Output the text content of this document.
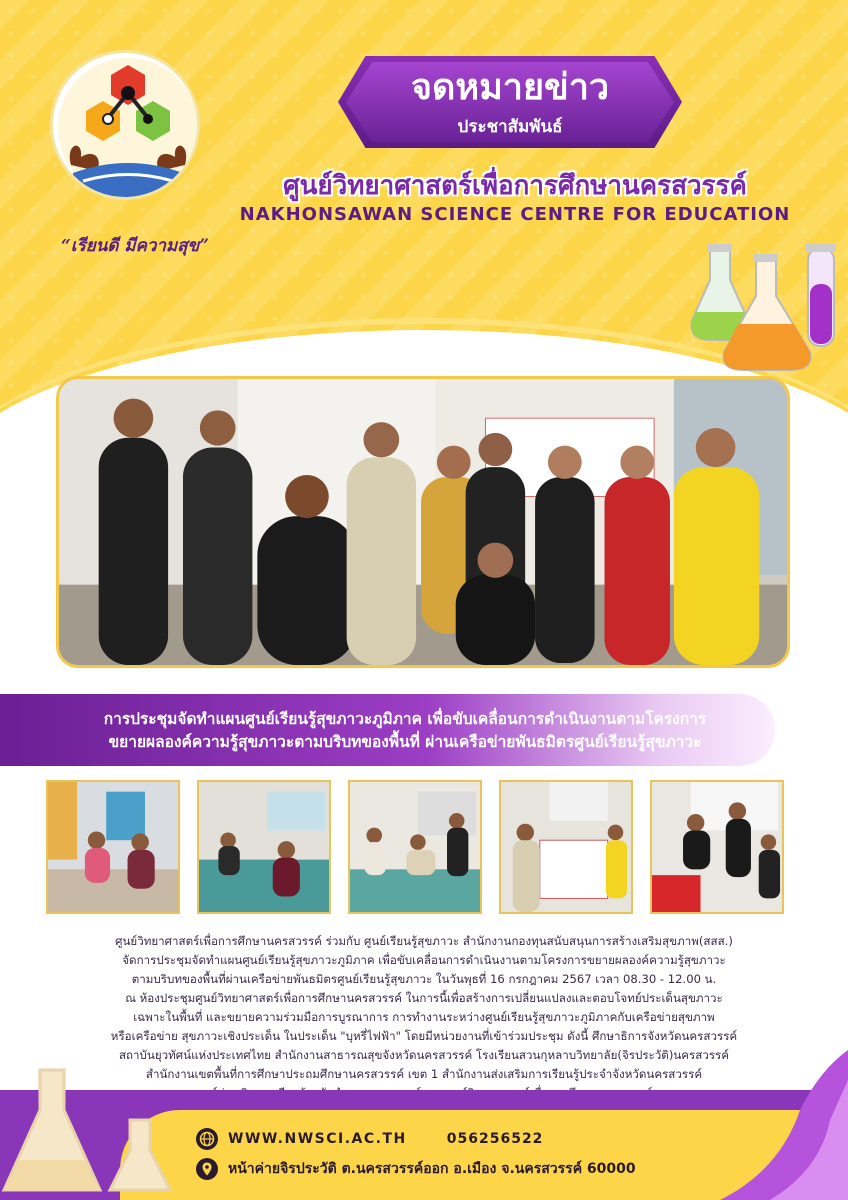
“เรียนดี มีความสุข”
จดหมายข่าว
ประชาสัมพันธ์
ศูนย์วิทยาศาสตร์เพื่อการศึกษานครสวรรค์
NAKHONSAWAN SCIENCE CENTRE FOR EDUCATION
การประชุมจัดทำแผนศูนย์เรียนรู้สุขภาวะภูมิภาค เพื่อขับเคลื่อนการดำเนินงานตามโครงการ
ขยายผลองค์ความรู้สุขภาวะตามบริบทของพื้นที่ ผ่านเครือข่ายพันธมิตรศูนย์เรียนรู้สุขภาวะ

ศูนย์วิทยาศาสตร์เพื่อการศึกษานครสวรรค์ ร่วมกับ ศูนย์เรียนรู้สุขภาวะ สำนักงานกองทุนสนับสนุนการสร้างเสริมสุขภาพ(สสส.)

จัดการประชุมจัดทำแผนศูนย์เรียนรู้สุขภาวะภูมิภาค เพื่อขับเคลื่อนการดำเนินงานตามโครงการขยายผลองค์ความรู้สุขภาวะ

ตามบริบทของพื้นที่ผ่านเครือข่ายพันธมิตรศูนย์เรียนรู้สุขภาวะ ในวันพุธที่ 16 กรกฎาคม 2567 เวลา 08.30 - 12.00 น.

ณ ห้องประชุมศูนย์วิทยาศาสตร์เพื่อการศึกษานครสวรรค์ ในการนี้เพื่อสร้างการเปลี่ยนแปลงและตอบโจทย์ประเด็นสุขภาวะ

เฉพาะในพื้นที่ และขยายความร่วมมือการบูรณาการ การทำงานระหว่างศูนย์เรียนรู้สุขภาวะภูมิภาคกับเครือข่ายสุขภาพ

หรือเครือข่าย สุขภาวะเชิงประเด็น ในประเด็น "บุหรี่ไฟฟ้า" โดยมีหน่วยงานที่เข้าร่วมประชุม ดังนี้ ศึกษาธิการจังหวัดนครสวรรค์

สถาบันยุวทัศน์แห่งประเทศไทย สำนักงานสาธารณสุขจังหวัดนครสวรรค์ โรงเรียนสวนกุหลาบวิทยาลัย(จิรประวัติ)นครสวรรค์

สำนักงานเขตพื้นที่การศึกษาประถมศึกษานครสวรรค์ เขต 1 สำนักงานส่งเสริมการเรียนรู้ประจำจังหวัดนครสวรรค์

WWW.NWSCI.AC.TH	056256522
หน้าค่ายจิรประวัติ ต.นครสวรรค์ออก อ.เมือง จ.นครสวรรค์ 60000
